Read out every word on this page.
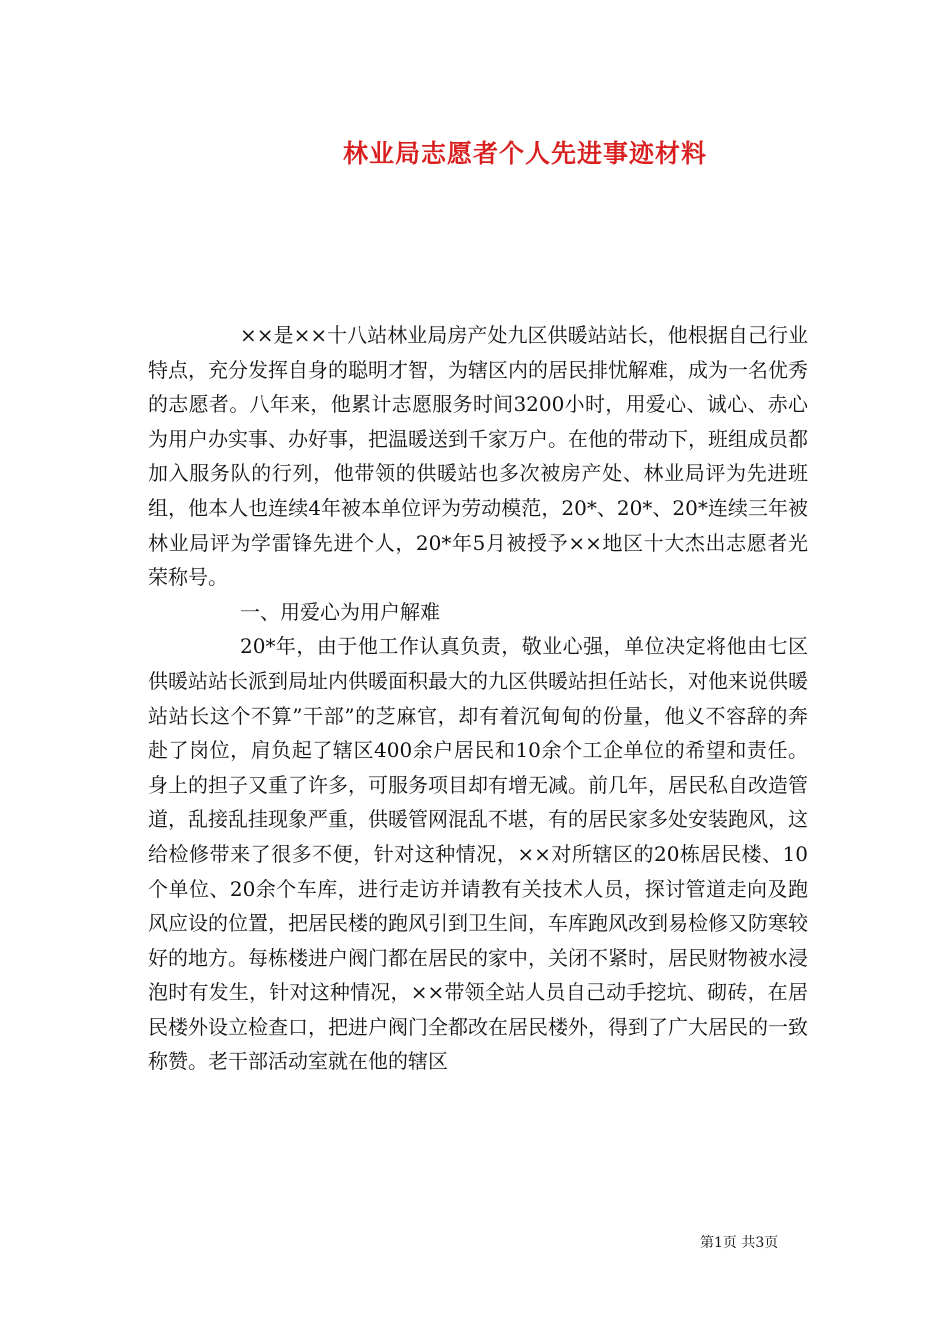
林业局志愿者个人先进事迹材料

××是××十八站林业局房产处九区供暖站站长，他根据自己行业特点，充分发挥自身的聪明才智，为辖区内的居民排忧解难，成为一名优秀的志愿者。八年来，他累计志愿服务时间3200小时，用爱心、诚心、赤心为用户办实事、办好事，把温暖送到千家万户。在他的带动下，班组成员都加入服务队的行列，他带领的供暖站也多次被房产处、林业局评为先进班组，他本人也连续4年被本单位评为劳动模范，20*、20*、20*连续三年被林业局评为学雷锋先进个人，20*年5月被授予××地区十大杰出志愿者光荣称号。

一、用爱心为用户解难

20*年，由于他工作认真负责，敬业心强，单位决定将他由七区供暖站站长派到局址内供暖面积最大的九区供暖站担任站长，对他来说供暖站站长这个不算”干部”的芝麻官，却有着沉甸甸的份量，他义不容辞的奔赴了岗位，肩负起了辖区400余户居民和10余个工企单位的希望和责任。身上的担子又重了许多，可服务项目却有增无减。前几年，居民私自改造管道，乱接乱挂现象严重，供暖管网混乱不堪，有的居民家多处安装跑风，这给检修带来了很多不便，针对这种情况，××对所辖区的20栋居民楼、10个单位、20余个车库，进行走访并请教有关技术人员，探讨管道走向及跑风应设的位置，把居民楼的跑风引到卫生间，车库跑风改到易检修又防寒较好的地方。每栋楼进户阀门都在居民的家中，关闭不紧时，居民财物被水浸泡时有发生，针对这种情况，××带领全站人员自己动手挖坑、砌砖，在居民楼外设立检查口，把进户阀门全都改在居民楼外，得到了广大居民的一致称赞。老干部活动室就在他的辖区

第1页 共3页
